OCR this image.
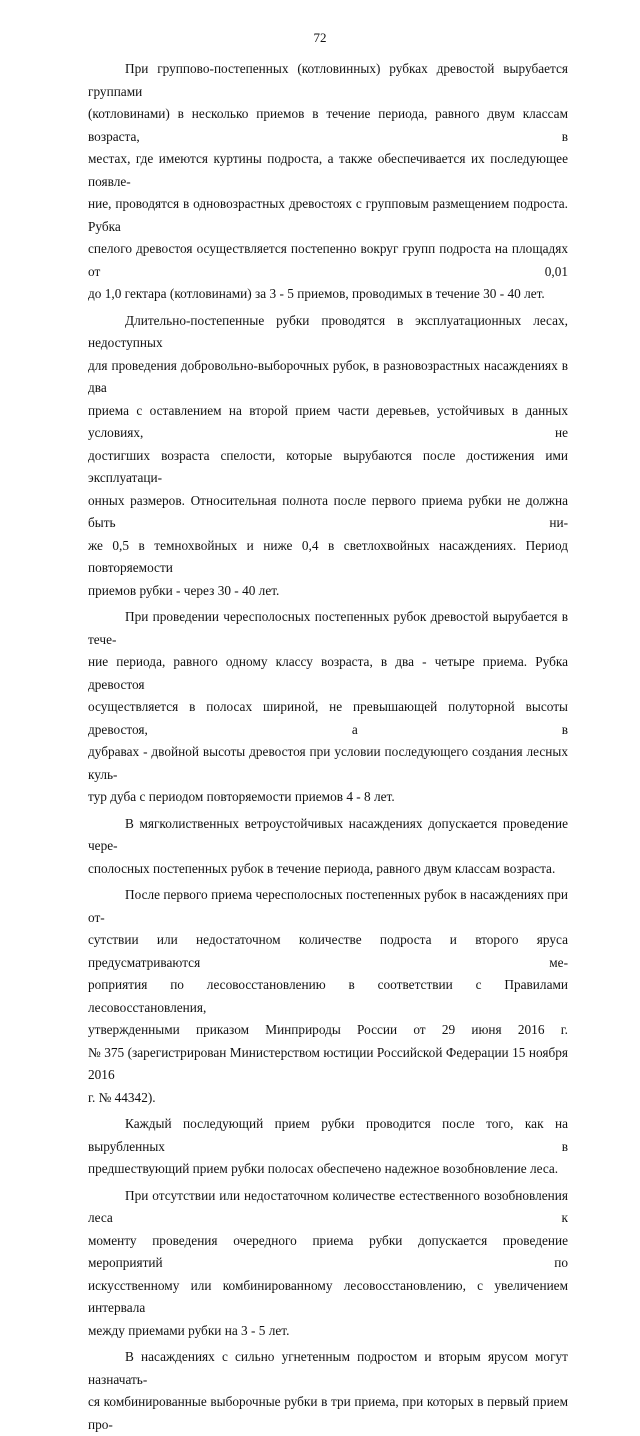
72

При группово-постепенных (котловинных) рубках древостой вырубается группами
(котловинами) в несколько приемов в течение периода, равного двум классам возраста, в
местах, где имеются куртины подроста, а также обеспечивается их последующее появле-
ние, проводятся в одновозрастных древостоях с групповым размещением подроста. Рубка
спелого древостоя осуществляется постепенно вокруг групп подроста на площадях от 0,01
до 1,0 гектара (котловинами) за 3 - 5 приемов, проводимых в течение 30 - 40 лет.

Длительно-постепенные рубки проводятся в эксплуатационных лесах, недоступных
для проведения добровольно-выборочных рубок, в разновозрастных насаждениях в два
приема с оставлением на второй прием части деревьев, устойчивых в данных условиях, не
достигших возраста спелости, которые вырубаются после достижения ими эксплуатаци-
онных размеров. Относительная полнота после первого приема рубки не должна быть ни-
же 0,5 в темнохвойных и ниже 0,4 в светлохвойных насаждениях. Период повторяемости
приемов рубки - через 30 - 40 лет.

При проведении чересполосных постепенных рубок древостой вырубается в тече-
ние периода, равного одному классу возраста, в два - четыре приема. Рубка древостоя
осуществляется в полосах шириной, не превышающей полуторной высоты древостоя, а в
дубравах - двойной высоты древостоя при условии последующего создания лесных куль-
тур дуба с периодом повторяемости приемов 4 - 8 лет.

В мягколиственных ветроустойчивых насаждениях допускается проведение чере-
сполосных постепенных рубок в течение периода, равного двум классам возраста.

После первого приема чересполосных постепенных рубок в насаждениях при от-
сутствии или недостаточном количестве подроста и второго яруса предусматриваются ме-
роприятия по лесовосстановлению в соответствии с Правилами лесовосстановления,
утвержденными приказом Минприроды России от 29 июня 2016 г.
№ 375 (зарегистрирован Министерством юстиции Российской Федерации 15 ноября 2016
г. № 44342).

Каждый последующий прием рубки проводится после того, как на вырубленных в
предшествующий прием рубки полосах обеспечено надежное возобновление леса.

При отсутствии или недостаточном количестве естественного возобновления леса к
моменту проведения очередного приема рубки допускается проведение мероприятий по
искусственному или комбинированному лесовосстановлению, с увеличением интервала
между приемами рубки на 3 - 5 лет.

В насаждениях с сильно угнетенным подростом и вторым ярусом могут назначать-
ся комбинированные выборочные рубки в три приема, при которых в первый прием про-
